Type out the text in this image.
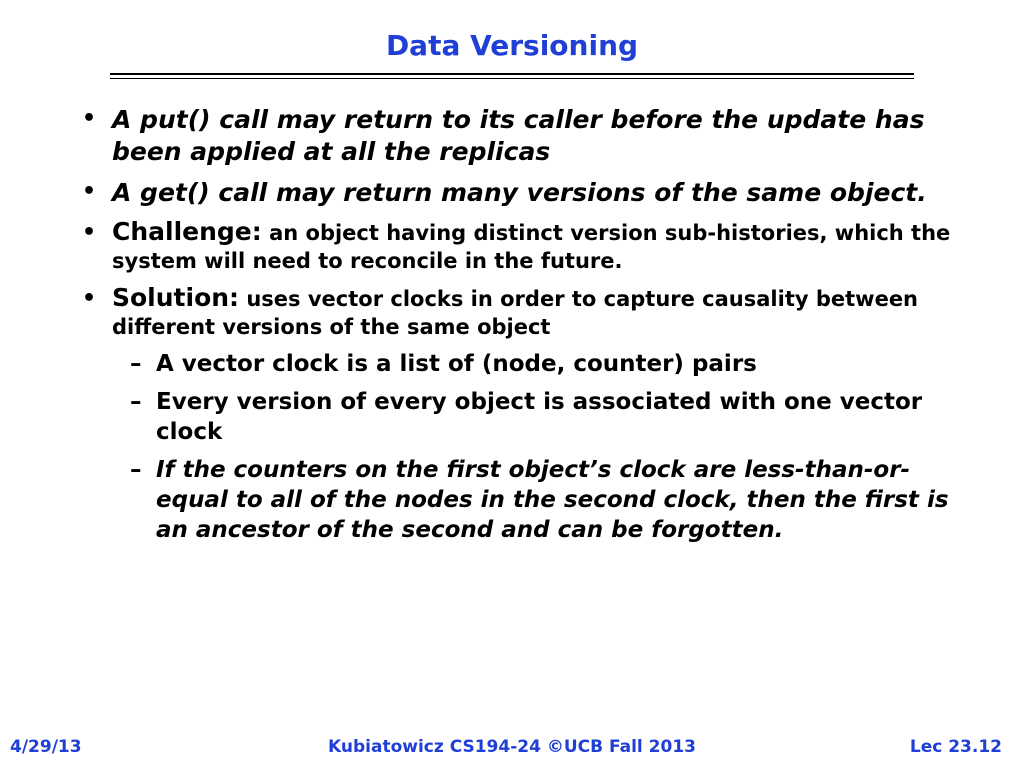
Data Versioning
• A put() call may return to its caller before the update has been applied at all the replicas
• A get() call may return many versions of the same object.
• Challenge: an object having distinct version sub-histories, which the system will need to reconcile in the future.
• Solution: uses vector clocks in order to capture causality between different versions of the same object
– A vector clock is a list of (node, counter) pairs
– Every version of every object is associated with one vector clock
– If the counters on the first object’s clock are less-than-or-equal to all of the nodes in the second clock, then the first is an ancestor of the second and can be forgotten.
Kubiatowicz CS194-24 ©UCB Fall 2013
4/29/13	Lec 23.12
